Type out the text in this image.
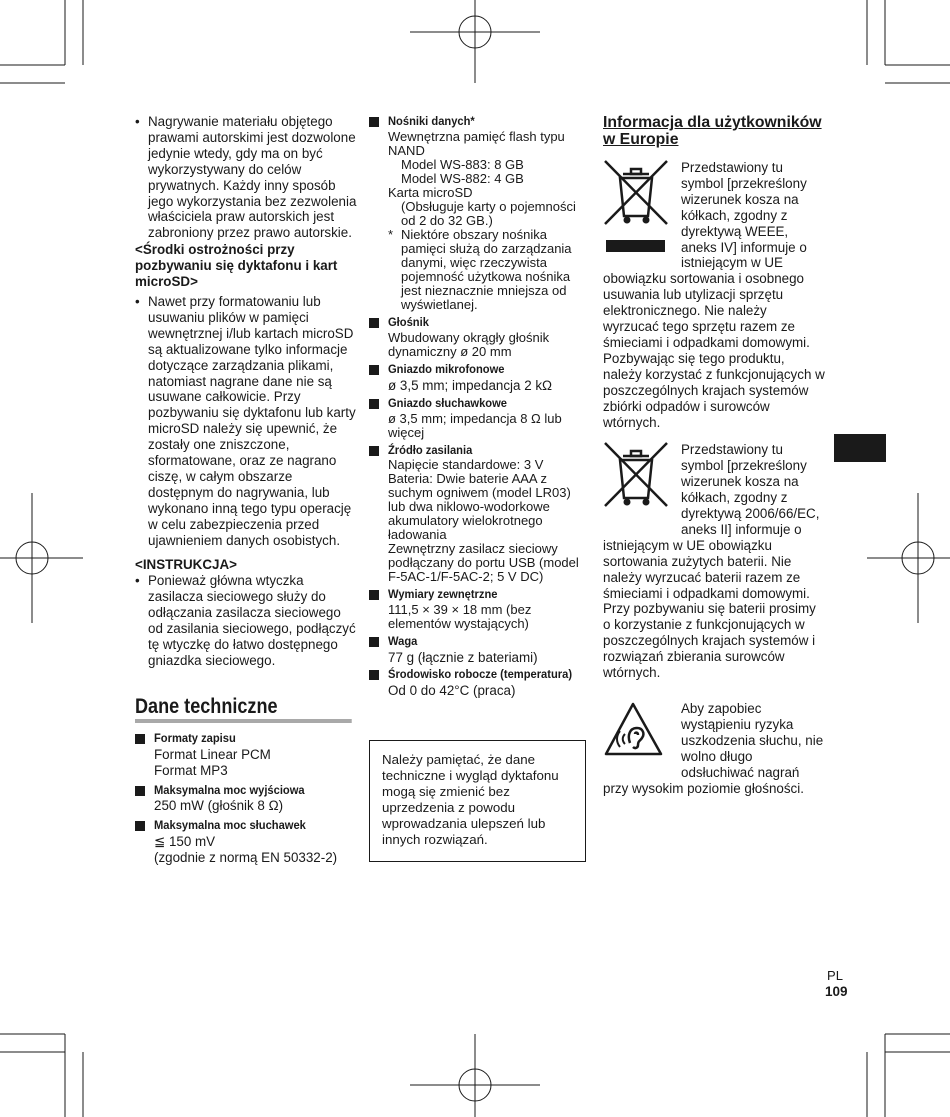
• Nagrywanie materiału objętego prawami autorskimi jest dozwolone jedynie wtedy, gdy ma on być wykorzystywany do celów prywatnych. Każdy inny sposób jego wykorzystania bez zezwolenia właściciela praw autorskich jest zabroniony przez prawo autorskie.

<Środki ostrożności przy pozbywaniu się dyktafonu i kart microSD>

• Nawet przy formatowaniu lub usuwaniu plików w pamięci wewnętrznej i/lub kartach microSD są aktualizowane tylko informacje dotyczące zarządzania plikami, natomiast nagrane dane nie są usuwane całkowicie. Przy pozbywaniu się dyktafonu lub karty microSD należy się upewnić, że zostały one zniszczone, sformatowane, oraz ze nagrano ciszę, w całym obszarze dostępnym do nagrywania, lub wykonano inną tego typu operację w celu zabezpieczenia przed ujawnieniem danych osobistych.

<INSTRUKCJA>

• Ponieważ główna wtyczka zasilacza sieciowego służy do odłączania zasilacza sieciowego od zasilania sieciowego, podłączyć tę wtyczkę do łatwo dostępnego gniazdka sieciowego.

Dane techniczne
Formaty zapisu
Format Linear PCM
Format MP3
Maksymalna moc wyjściowa
250 mW (głośnik 8 Ω)
Maksymalna moc słuchawek
≦ 150 mV
(zgodnie z normą EN 50332-2)
Nośniki danych*
Wewnętrzna pamięć flash typu NAND
Model WS-883: 8 GB
Model WS-882: 4 GB
Karta microSD
(Obsługuje karty o pojemności od 2 do 32 GB.)
* Niektóre obszary nośnika pamięci służą do zarządzania danymi, więc rzeczywista pojemność użytkowa nośnika jest nieznacznie mniejsza od wyświetlanej.
Głośnik
Wbudowany okrągły głośnik dynamiczny ø 20 mm
Gniazdo mikrofonowe
ø 3,5 mm; impedancja 2 kΩ
Gniazdo słuchawkowe
ø 3,5 mm; impedancja 8 Ω lub więcej
Źródło zasilania
Napięcie standardowe: 3 V
Bateria: Dwie baterie AAA z suchym ogniwem (model LR03) lub dwa niklowo-wodorkowe akumulatory wielokrotnego ładowania
Zewnętrzny zasilacz sieciowy podłączany do portu USB (model F-5AC-1/F-5AC-2; 5 V DC)
Wymiary zewnętrzne
111,5 × 39 × 18 mm (bez elementów wystających)
Waga
77 g (łącznie z bateriami)
Środowisko robocze (temperatura)
Od 0 do 42°C (praca)
Należy pamiętać, że dane techniczne i wygląd dyktafonu mogą się zmienić bez uprzedzenia z powodu wprowadzania ulepszeń lub innych rozwiązań.
Informacja dla użytkowników w Europie

Przedstawiony tu symbol [przekreślony wizerunek kosza na kółkach, zgodny z dyrektywą WEEE, aneks IV] informuje o istniejącym w UE obowiązku sortowania i osobnego usuwania lub utylizacji sprzętu elektronicznego. Nie należy wyrzucać tego sprzętu razem ze śmieciami i odpadkami domowymi. Pozbywając się tego produktu, należy korzystać z funkcjonujących w poszczególnych krajach systemów zbiórki odpadów i surowców wtórnych.

Przedstawiony tu symbol [przekreślony wizerunek kosza na kółkach, zgodny z dyrektywą 2006/66/EC, aneks II] informuje o istniejącym w UE obowiązku sortowania zużytych baterii. Nie należy wyrzucać baterii razem ze śmieciami i odpadkami domowymi. Przy pozbywaniu się baterii prosimy o korzystanie z funkcjonujących w poszczególnych krajach systemów i rozwiązań zbierania surowców wtórnych.

Aby zapobiec wystąpieniu ryzyka uszkodzenia słuchu, nie wolno długo odsłuchiwać nagrań przy wysokim poziomie głośności.

PL
109
